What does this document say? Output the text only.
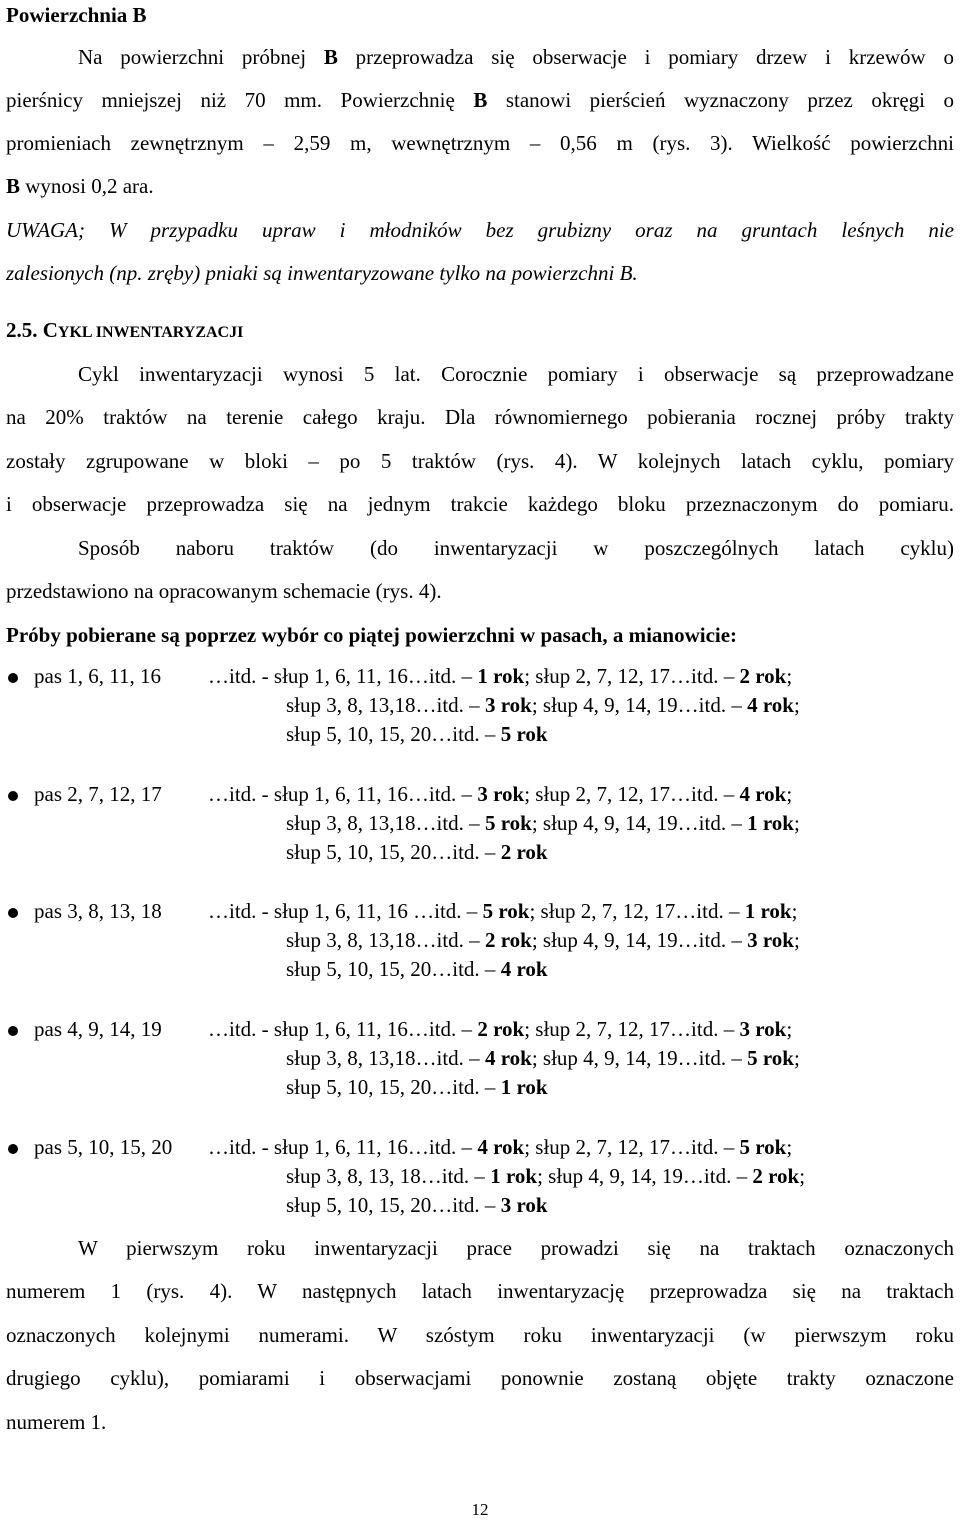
Powierzchnia B
Na powierzchni próbnej B przeprowadza się obserwacje i pomiary drzew i krzewów o
pierśnicy mniejszej niż 70 mm. Powierzchnię B stanowi pierścień wyznaczony przez okręgi o
promieniach zewnętrznym – 2,59 m, wewnętrznym – 0,56 m (rys. 3). Wielkość powierzchni
B wynosi 0,2 ara.
UWAGA; W przypadku upraw i młodników bez grubizny oraz na gruntach leśnych nie
zalesionych (np. zręby) pniaki są inwentaryzowane tylko na powierzchni B.
2.5. CYKL INWENTARYZACJI
Cykl inwentaryzacji wynosi 5 lat. Corocznie pomiary i obserwacje są przeprowadzane
na 20% traktów na terenie całego kraju. Dla równomiernego pobierania rocznej próby trakty
zostały zgrupowane w bloki – po 5 traktów (rys. 4). W kolejnych latach cyklu, pomiary
i obserwacje przeprowadza się na jednym trakcie każdego bloku przeznaczonym do pomiaru.
Sposób naboru traktów (do inwentaryzacji w poszczególnych latach cyklu)
przedstawiono na opracowanym schemacie (rys. 4).
Próby pobierane są poprzez wybór co piątej powierzchni w pasach, a mianowicie:
pas 1, 6, 11, 16 …itd. - słup 1, 6, 11, 16…itd. – 1 rok; słup 2, 7, 12, 17…itd. – 2 rok;
słup 3, 8, 13,18…itd. – 3 rok; słup 4, 9, 14, 19…itd. – 4 rok;
słup 5, 10, 15, 20…itd. – 5 rok
pas 2, 7, 12, 17 …itd. - słup 1, 6, 11, 16…itd. – 3 rok; słup 2, 7, 12, 17…itd. – 4 rok;
słup 3, 8, 13,18…itd. – 5 rok; słup 4, 9, 14, 19…itd. – 1 rok;
słup 5, 10, 15, 20…itd. – 2 rok
pas 3, 8, 13, 18 …itd. - słup 1, 6, 11, 16 …itd. – 5 rok; słup 2, 7, 12, 17…itd. – 1 rok;
słup 3, 8, 13,18…itd. – 2 rok; słup 4, 9, 14, 19…itd. – 3 rok;
słup 5, 10, 15, 20…itd. – 4 rok
pas 4, 9, 14, 19 …itd. - słup 1, 6, 11, 16…itd. – 2 rok; słup 2, 7, 12, 17…itd. – 3 rok;
słup 3, 8, 13,18…itd. – 4 rok; słup 4, 9, 14, 19…itd. – 5 rok;
słup 5, 10, 15, 20…itd. – 1 rok
pas 5, 10, 15, 20 …itd. - słup 1, 6, 11, 16…itd. – 4 rok; słup 2, 7, 12, 17…itd. – 5 rok;
słup 3, 8, 13, 18…itd. – 1 rok; słup 4, 9, 14, 19…itd. – 2 rok;
słup 5, 10, 15, 20…itd. – 3 rok
W pierwszym roku inwentaryzacji prace prowadzi się na traktach oznaczonych
numerem 1 (rys. 4). W następnych latach inwentaryzację przeprowadza się na traktach
oznaczonych kolejnymi numerami. W szóstym roku inwentaryzacji (w pierwszym roku
drugiego cyklu), pomiarami i obserwacjami ponownie zostaną objęte trakty oznaczone
numerem 1.
12
